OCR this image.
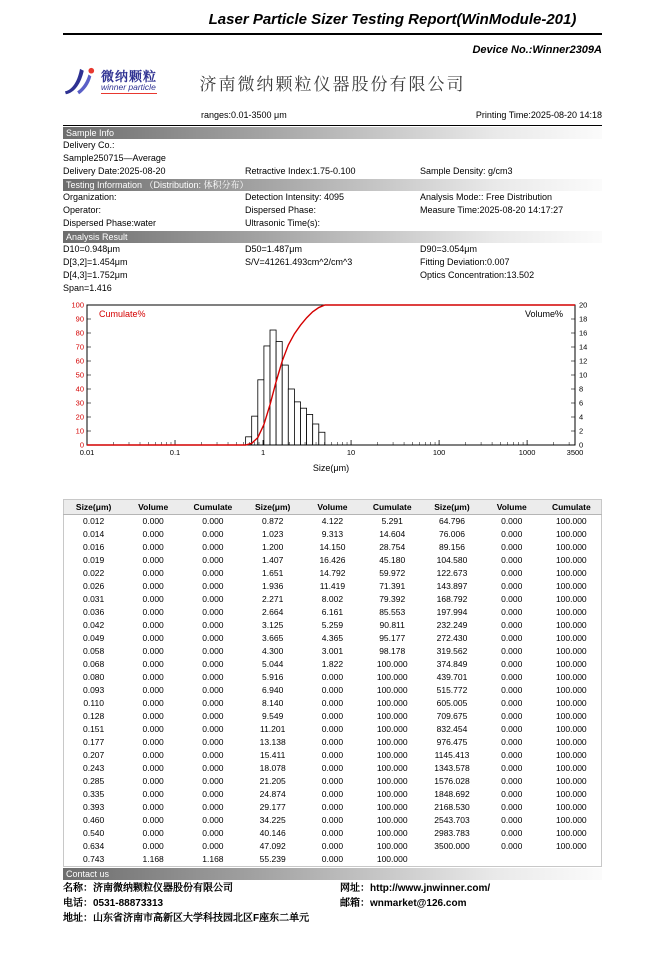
Laser Particle Sizer Testing Report(WinModule-201)
Device No.:Winner2309A
微纳颗粒
winner particle	济南微纳颗粒仪器股份有限公司
ranges:0.01-3500 μm	Printing Time:2025-08-20 14:18
Sample Info
Delivery Co.:
Sample250715—Average
Delivery Date:2025-08-20	Retractive Index:1.75-0.100	Sample Density: g/cm3
Testing Information （Distribution: 体积分布）
Organization:	Detection Intensity: 4095	Analysis Mode:: Free Distribution
Operator:	Dispersed Phase:	Measure Time:2025-08-20 14:17:27
Dispersed Phase:water	Ultrasonic Time(s):
Analysis Result
D10=0.948μm	D50=1.487μm	D90=3.054μm
D[3,2]=1.454μm	S/V=41261.493cm^2/cm^3	Fitting Deviation:0.007
D[4,3]=1.752μm	Optics Concentration:13.502
Span=1.416
0
10
20
30
40
50
60
70
80
90
100
0
2
4
6
8
10
12
14
16
18
20
0.01	0.1	1	10	100	1000	3500
Cumulate%	Volume%
Size(μm)
Size(μm)	Volume	Cumulate	Size(μm)	Volume	Cumulate	Size(μm)	Volume	Cumulate
0.012	0.000	0.000	0.872	4.122	5.291	64.796	0.000	100.000
0.014	0.000	0.000	1.023	9.313	14.604	76.006	0.000	100.000
0.016	0.000	0.000	1.200	14.150	28.754	89.156	0.000	100.000
0.019	0.000	0.000	1.407	16.426	45.180	104.580	0.000	100.000
0.022	0.000	0.000	1.651	14.792	59.972	122.673	0.000	100.000
0.026	0.000	0.000	1.936	11.419	71.391	143.897	0.000	100.000
0.031	0.000	0.000	2.271	8.002	79.392	168.792	0.000	100.000
0.036	0.000	0.000	2.664	6.161	85.553	197.994	0.000	100.000
0.042	0.000	0.000	3.125	5.259	90.811	232.249	0.000	100.000
0.049	0.000	0.000	3.665	4.365	95.177	272.430	0.000	100.000
0.058	0.000	0.000	4.300	3.001	98.178	319.562	0.000	100.000
0.068	0.000	0.000	5.044	1.822	100.000	374.849	0.000	100.000
0.080	0.000	0.000	5.916	0.000	100.000	439.701	0.000	100.000
0.093	0.000	0.000	6.940	0.000	100.000	515.772	0.000	100.000
0.110	0.000	0.000	8.140	0.000	100.000	605.005	0.000	100.000
0.128	0.000	0.000	9.549	0.000	100.000	709.675	0.000	100.000
0.151	0.000	0.000	11.201	0.000	100.000	832.454	0.000	100.000
0.177	0.000	0.000	13.138	0.000	100.000	976.475	0.000	100.000
0.207	0.000	0.000	15.411	0.000	100.000	1145.413	0.000	100.000
0.243	0.000	0.000	18.078	0.000	100.000	1343.578	0.000	100.000
0.285	0.000	0.000	21.205	0.000	100.000	1576.028	0.000	100.000
0.335	0.000	0.000	24.874	0.000	100.000	1848.692	0.000	100.000
0.393	0.000	0.000	29.177	0.000	100.000	2168.530	0.000	100.000
0.460	0.000	0.000	34.225	0.000	100.000	2543.703	0.000	100.000
0.540	0.000	0.000	40.146	0.000	100.000	2983.783	0.000	100.000
0.634	0.000	0.000	47.092	0.000	100.000	3500.000	0.000	100.000
0.743	1.168	1.168	55.239	0.000	100.000			
Contact us
名称：济南微纳颗粒仪器股份有限公司	网址：http://www.jnwinner.com/
电话：0531-88873313	邮箱：wnmarket@126.com
地址：山东省济南市高新区大学科技园北区F座东二单元
